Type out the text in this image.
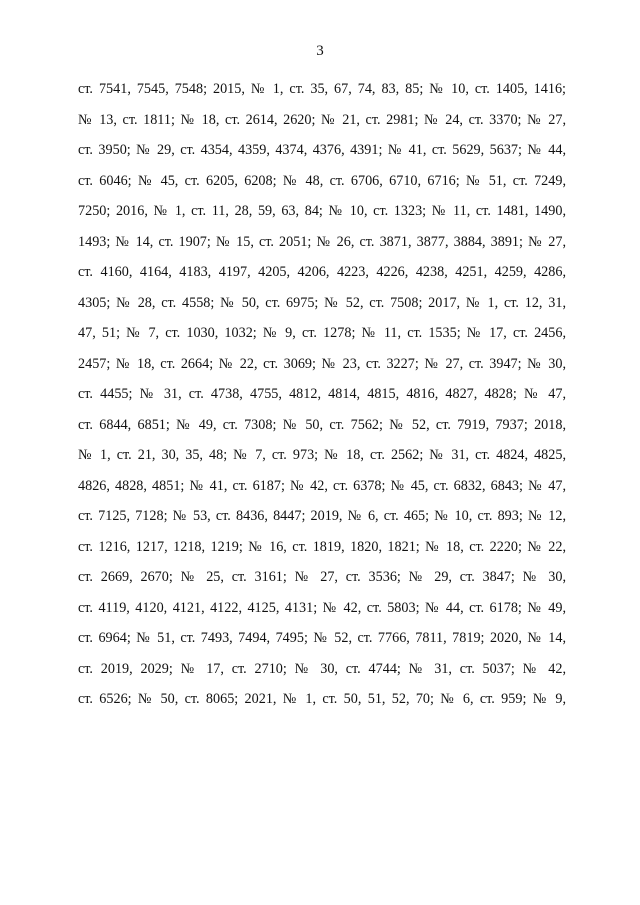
3
ст. 7541, 7545, 7548; 2015, № 1, ст. 35, 67, 74, 83, 85; № 10, ст. 1405, 1416;
№ 13, ст. 1811; № 18, ст. 2614, 2620; № 21, ст. 2981; № 24, ст. 3370; № 27,
ст. 3950; № 29, ст. 4354, 4359, 4374, 4376, 4391; № 41, ст. 5629, 5637; № 44,
ст. 6046; № 45, ст. 6205, 6208; № 48, ст. 6706, 6710, 6716; № 51, ст. 7249,
7250; 2016, № 1, ст. 11, 28, 59, 63, 84; № 10, ст. 1323; № 11, ст. 1481, 1490,
1493; № 14, ст. 1907; № 15, ст. 2051; № 26, ст. 3871, 3877, 3884, 3891; № 27,
ст. 4160, 4164, 4183, 4197, 4205, 4206, 4223, 4226, 4238, 4251, 4259, 4286,
4305; № 28, ст. 4558; № 50, ст. 6975; № 52, ст. 7508; 2017, № 1, ст. 12, 31,
47, 51; № 7, ст. 1030, 1032; № 9, ст. 1278; № 11, ст. 1535; № 17, ст. 2456,
2457; № 18, ст. 2664; № 22, ст. 3069; № 23, ст. 3227; № 27, ст. 3947; № 30,
ст. 4455; № 31, ст. 4738, 4755, 4812, 4814, 4815, 4816, 4827, 4828; № 47,
ст. 6844, 6851; № 49, ст. 7308; № 50, ст. 7562; № 52, ст. 7919, 7937; 2018,
№ 1, ст. 21, 30, 35, 48; № 7, ст. 973; № 18, ст. 2562; № 31, ст. 4824, 4825,
4826, 4828, 4851; № 41, ст. 6187; № 42, ст. 6378; № 45, ст. 6832, 6843; № 47,
ст. 7125, 7128; № 53, ст. 8436, 8447; 2019, № 6, ст. 465; № 10, ст. 893; № 12,
ст. 1216, 1217, 1218, 1219; № 16, ст. 1819, 1820, 1821; № 18, ст. 2220; № 22,
ст. 2669, 2670; № 25, ст. 3161; № 27, ст. 3536; № 29, ст. 3847; № 30,
ст. 4119, 4120, 4121, 4122, 4125, 4131; № 42, ст. 5803; № 44, ст. 6178; № 49,
ст. 6964; № 51, ст. 7493, 7494, 7495; № 52, ст. 7766, 7811, 7819; 2020, № 14,
ст. 2019, 2029; № 17, ст. 2710; № 30, ст. 4744; № 31, ст. 5037; № 42,
ст. 6526; № 50, ст. 8065; 2021, № 1, ст. 50, 51, 52, 70; № 6, ст. 959; № 9,
